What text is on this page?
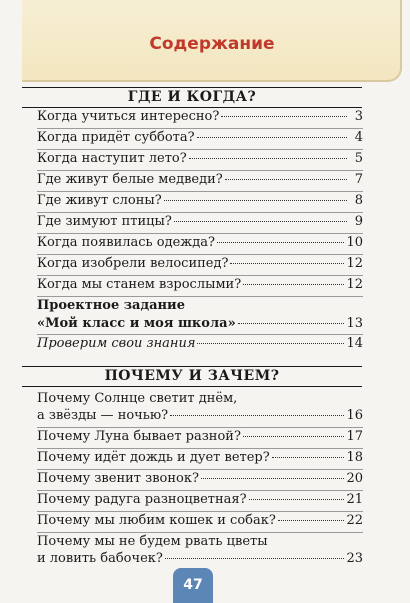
Содержание
ГДЕ И КОГДА?
Когда учиться интересно?	3
Когда придёт суббота?	4
Когда наступит лето?	5
Где живут белые медведи?	7
Где живут слоны?	8
Где зимуют птицы?	9
Когда появилась одежда?	10
Когда изобрели велосипед?	12
Когда мы станем взрослыми?	12
Проектное задание
«Мой класс и моя школа»	13
Проверим свои знания	14
ПОЧЕМУ И ЗАЧЕМ?
Почему Солнце светит днём,
а звёзды — ночью?	16
Почему Луна бывает разной?	17
Почему идёт дождь и дует ветер?	18
Почему звенит звонок?	20
Почему радуга разноцветная?	21
Почему мы любим кошек и собак?	22
Почему мы не будем рвать цветы
и ловить бабочек?	23
47
